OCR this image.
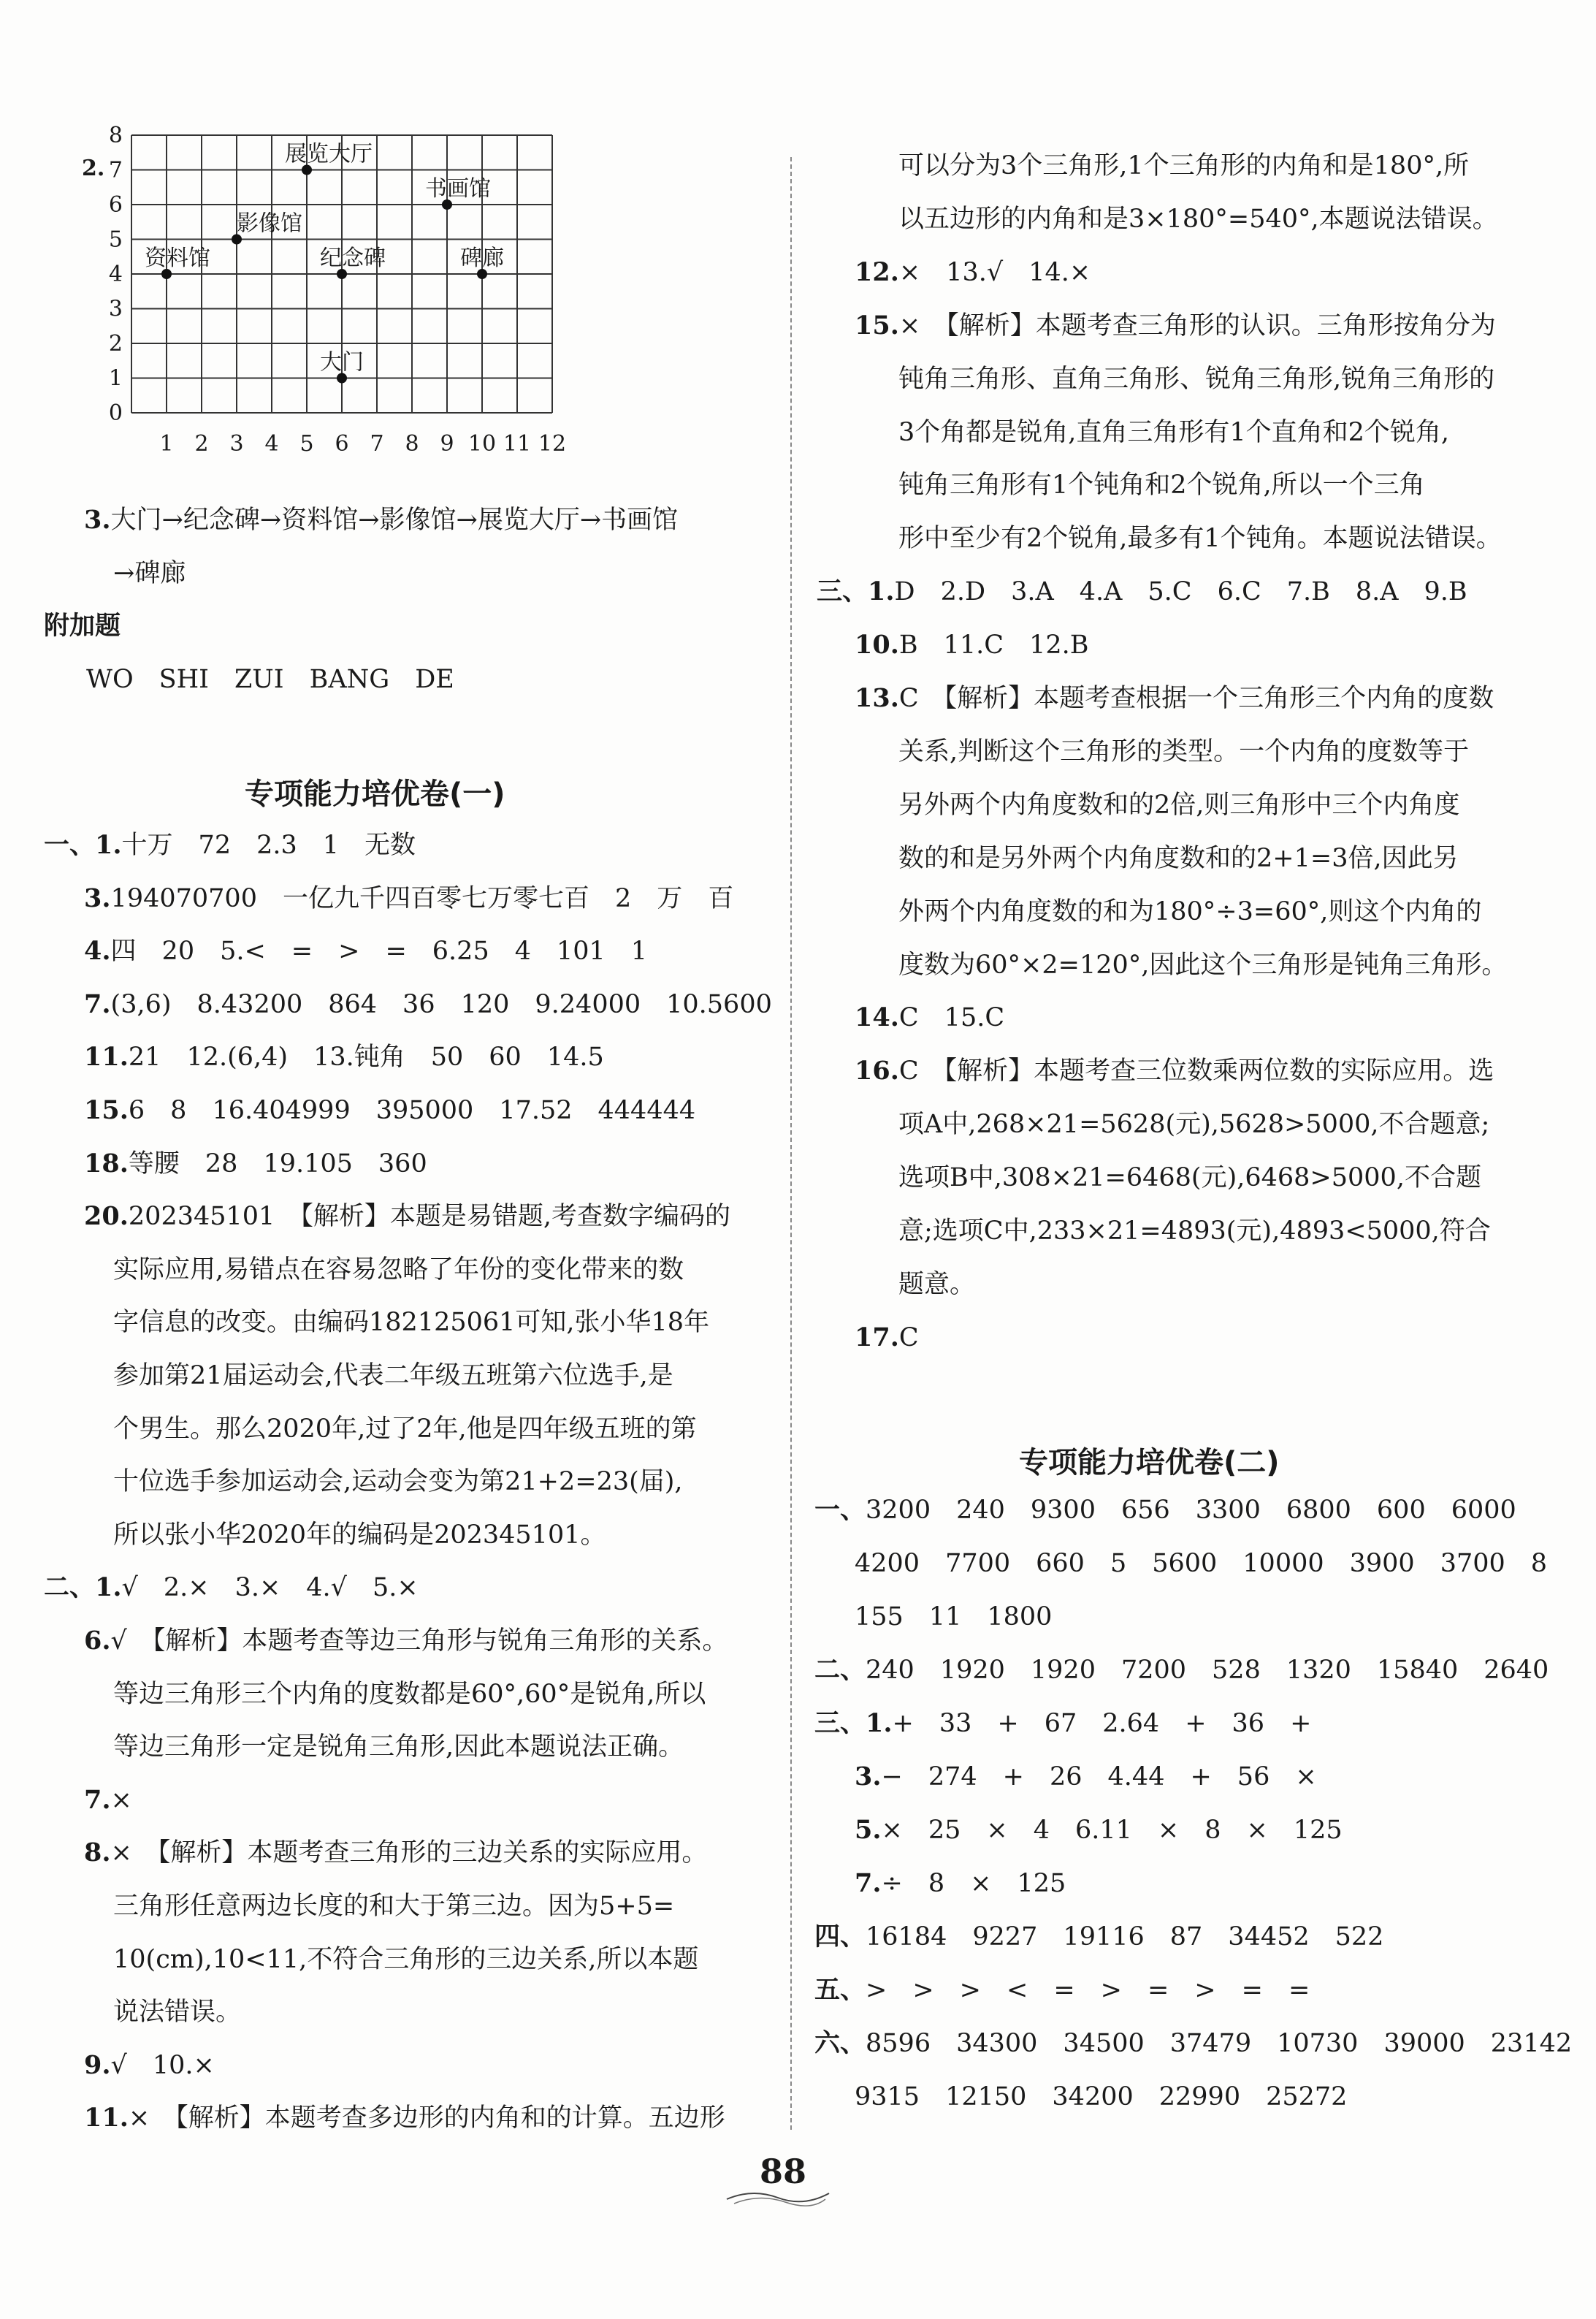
2.
0
1
2
3
4
5
6
7
8
1 2 3 4 5 6 7 8 9 10 11 12
展览大厅
书画馆
影像馆
资料馆	纪念碑	碑廊
大门
3.大门→纪念碑→资料馆→影像馆→展览大厅→书画馆
→碑廊
附加题
WO　SHI　ZUI　BANG　DE
一、1.十万　72　2.3　1　无数
3.194070700　一亿九千四百零七万零七百　2　万　百
4.四　20　5.<　=　>　=　6.25　4　101　1
7.(3,6)　8.43200　864　36　120　9.24000　10.5600
11.21　12.(6,4)　13.钝角　50　60　14.5
15.6　8　16.404999　395000　17.52　444444
18.等腰　28　19.105　360
20.202345101　【解析】本题是易错题,考查数字编码的
实际应用,易错点在容易忽略了年份的变化带来的数
字信息的改变。由编码182125061可知,张小华18年
参加第21届运动会,代表二年级五班第六位选手,是
个男生。那么2020年,过了2年,他是四年级五班的第
十位选手参加运动会,运动会变为第21+2=23(届),
所以张小华2020年的编码是202345101。
二、1.√　2.×　3.×　4.√　5.×
6.√　【解析】本题考查等边三角形与锐角三角形的关系。
等边三角形三个内角的度数都是60°,60°是锐角,所以
等边三角形一定是锐角三角形,因此本题说法正确。
7.×
8.×　【解析】本题考查三角形的三边关系的实际应用。
三角形任意两边长度的和大于第三边。因为5+5=
10(cm),10<11,不符合三角形的三边关系,所以本题
说法错误。
9.√　10.×
11.×　【解析】本题考查多边形的内角和的计算。五边形
可以分为3个三角形,1个三角形的内角和是180°,所
以五边形的内角和是3×180°=540°,本题说法错误。
12.×　13.√　14.×
15.×　【解析】本题考查三角形的认识。三角形按角分为
钝角三角形、直角三角形、锐角三角形,锐角三角形的
3个角都是锐角,直角三角形有1个直角和2个锐角,
钝角三角形有1个钝角和2个锐角,所以一个三角
形中至少有2个锐角,最多有1个钝角。本题说法错误。
三、1.D　2.D　3.A　4.A　5.C　6.C　7.B　8.A　9.B
10.B　11.C　12.B
13.C　【解析】本题考查根据一个三角形三个内角的度数
关系,判断这个三角形的类型。一个内角的度数等于
另外两个内角度数和的2倍,则三角形中三个内角度
数的和是另外两个内角度数和的2+1=3倍,因此另
外两个内角度数的和为180°÷3=60°,则这个内角的
度数为60°×2=120°,因此这个三角形是钝角三角形。
14.C　15.C
16.C　【解析】本题考查三位数乘两位数的实际应用。选
项A中,268×21=5628(元),5628>5000,不合题意;
选项B中,308×21=6468(元),6468>5000,不合题
意;选项C中,233×21=4893(元),4893<5000,符合
题意。
17.C
一、3200　240　9300　656　3300　6800　600　6000
4200　7700　660　5　5600　10000　3900　3700　8
155　11　1800
二、240　1920　1920　7200　528　1320　15840　2640
三、1.+　33　+　67　2.64　+　36　+
3.−　274　+　26　4.44　+　56　×
5.×　25　×　4　6.11　×　8　×　125
7.÷　8　×　125
四、16184　9227　19116　87　34452　522
五、>　>　>　<　=　>　=　>　=　=
六、8596　34300　34500　37479　10730　39000　23142
9315　12150　34200　22990　25272
专项能力培优卷(一)
专项能力培优卷(二)
88
